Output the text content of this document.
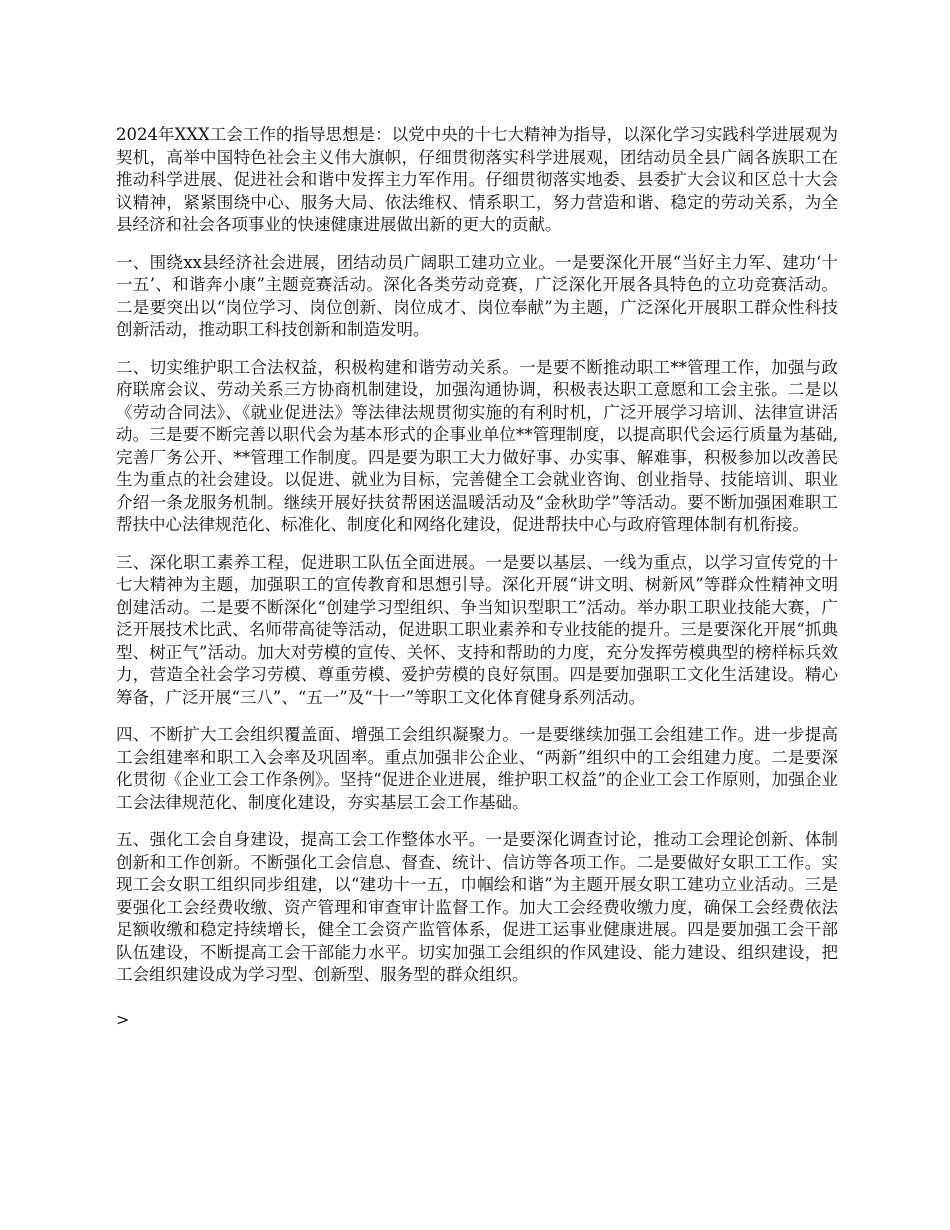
2024年XXX工会工作的指导思想是：以党中央的十七大精神为指导，以深化学习实践科学进展观为契机，高举中国特色社会主义伟大旗帜，仔细贯彻落实科学进展观，团结动员全县广阔各族职工在推动科学进展、促进社会和谐中发挥主力军作用。仔细贯彻落实地委、县委扩大会议和区总十大会议精神，紧紧围绕中心、服务大局、依法维权、情系职工，努力营造和谐、稳定的劳动关系，为全县经济和社会各项事业的快速健康进展做出新的更大的贡献。

一、围绕xx县经济社会进展，团结动员广阔职工建功立业。一是要深化开展“当好主力军、建功‘十一五’、和谐奔小康”主题竞赛活动。深化各类劳动竞赛，广泛深化开展各具特色的立功竞赛活动。二是要突出以“岗位学习、岗位创新、岗位成才、岗位奉献”为主题，广泛深化开展职工群众性科技创新活动，推动职工科技创新和制造发明。

二、切实维护职工合法权益，积极构建和谐劳动关系。一是要不断推动职工**管理工作，加强与政府联席会议、劳动关系三方协商机制建设，加强沟通协调，积极表达职工意愿和工会主张。二是以《劳动合同法》、《就业促进法》等法律法规贯彻实施的有利时机，广泛开展学习培训、法律宣讲活动。三是要不断完善以职代会为基本形式的企事业单位**管理制度，以提高职代会运行质量为基础,完善厂务公开、**管理工作制度。四是要为职工大力做好事、办实事、解难事，积极参加以改善民生为重点的社会建设。以促进、就业为目标，完善健全工会就业咨询、创业指导、技能培训、职业介绍一条龙服务机制。继续开展好扶贫帮困送温暖活动及“金秋助学”等活动。要不断加强困难职工帮扶中心法律规范化、标准化、制度化和网络化建设，促进帮扶中心与政府管理体制有机衔接。

三、深化职工素养工程，促进职工队伍全面进展。一是要以基层、一线为重点，以学习宣传党的十七大精神为主题，加强职工的宣传教育和思想引导。深化开展“讲文明、树新风”等群众性精神文明创建活动。二是要不断深化“创建学习型组织、争当知识型职工”活动。举办职工职业技能大赛，广泛开展技术比武、名师带高徒等活动，促进职工职业素养和专业技能的提升。三是要深化开展“抓典型、树正气”活动。加大对劳模的宣传、关怀、支持和帮助的力度，充分发挥劳模典型的榜样标兵效力，营造全社会学习劳模、尊重劳模、爱护劳模的良好氛围。四是要加强职工文化生活建设。精心筹备，广泛开展“三八”、“五一”及“十一”等职工文化体育健身系列活动。

四、不断扩大工会组织覆盖面、增强工会组织凝聚力。一是要继续加强工会组建工作。进一步提高工会组建率和职工入会率及巩固率。重点加强非公企业、“两新”组织中的工会组建力度。二是要深化贯彻《企业工会工作条例》。坚持“促进企业进展，维护职工权益”的企业工会工作原则，加强企业工会法律规范化、制度化建设，夯实基层工会工作基础。

五、强化工会自身建设，提高工会工作整体水平。一是要深化调查讨论，推动工会理论创新、体制创新和工作创新。不断强化工会信息、督查、统计、信访等各项工作。二是要做好女职工工作。实现工会女职工组织同步组建，以“建功十一五，巾帼绘和谐”为主题开展女职工建功立业活动。三是要强化工会经费收缴、资产管理和审查审计监督工作。加大工会经费收缴力度，确保工会经费依法足额收缴和稳定持续增长，健全工会资产监管体系，促进工运事业健康进展。四是要加强工会干部队伍建设，不断提高工会干部能力水平。切实加强工会组织的作风建设、能力建设、组织建设，把工会组织建设成为学习型、创新型、服务型的群众组织。

>
